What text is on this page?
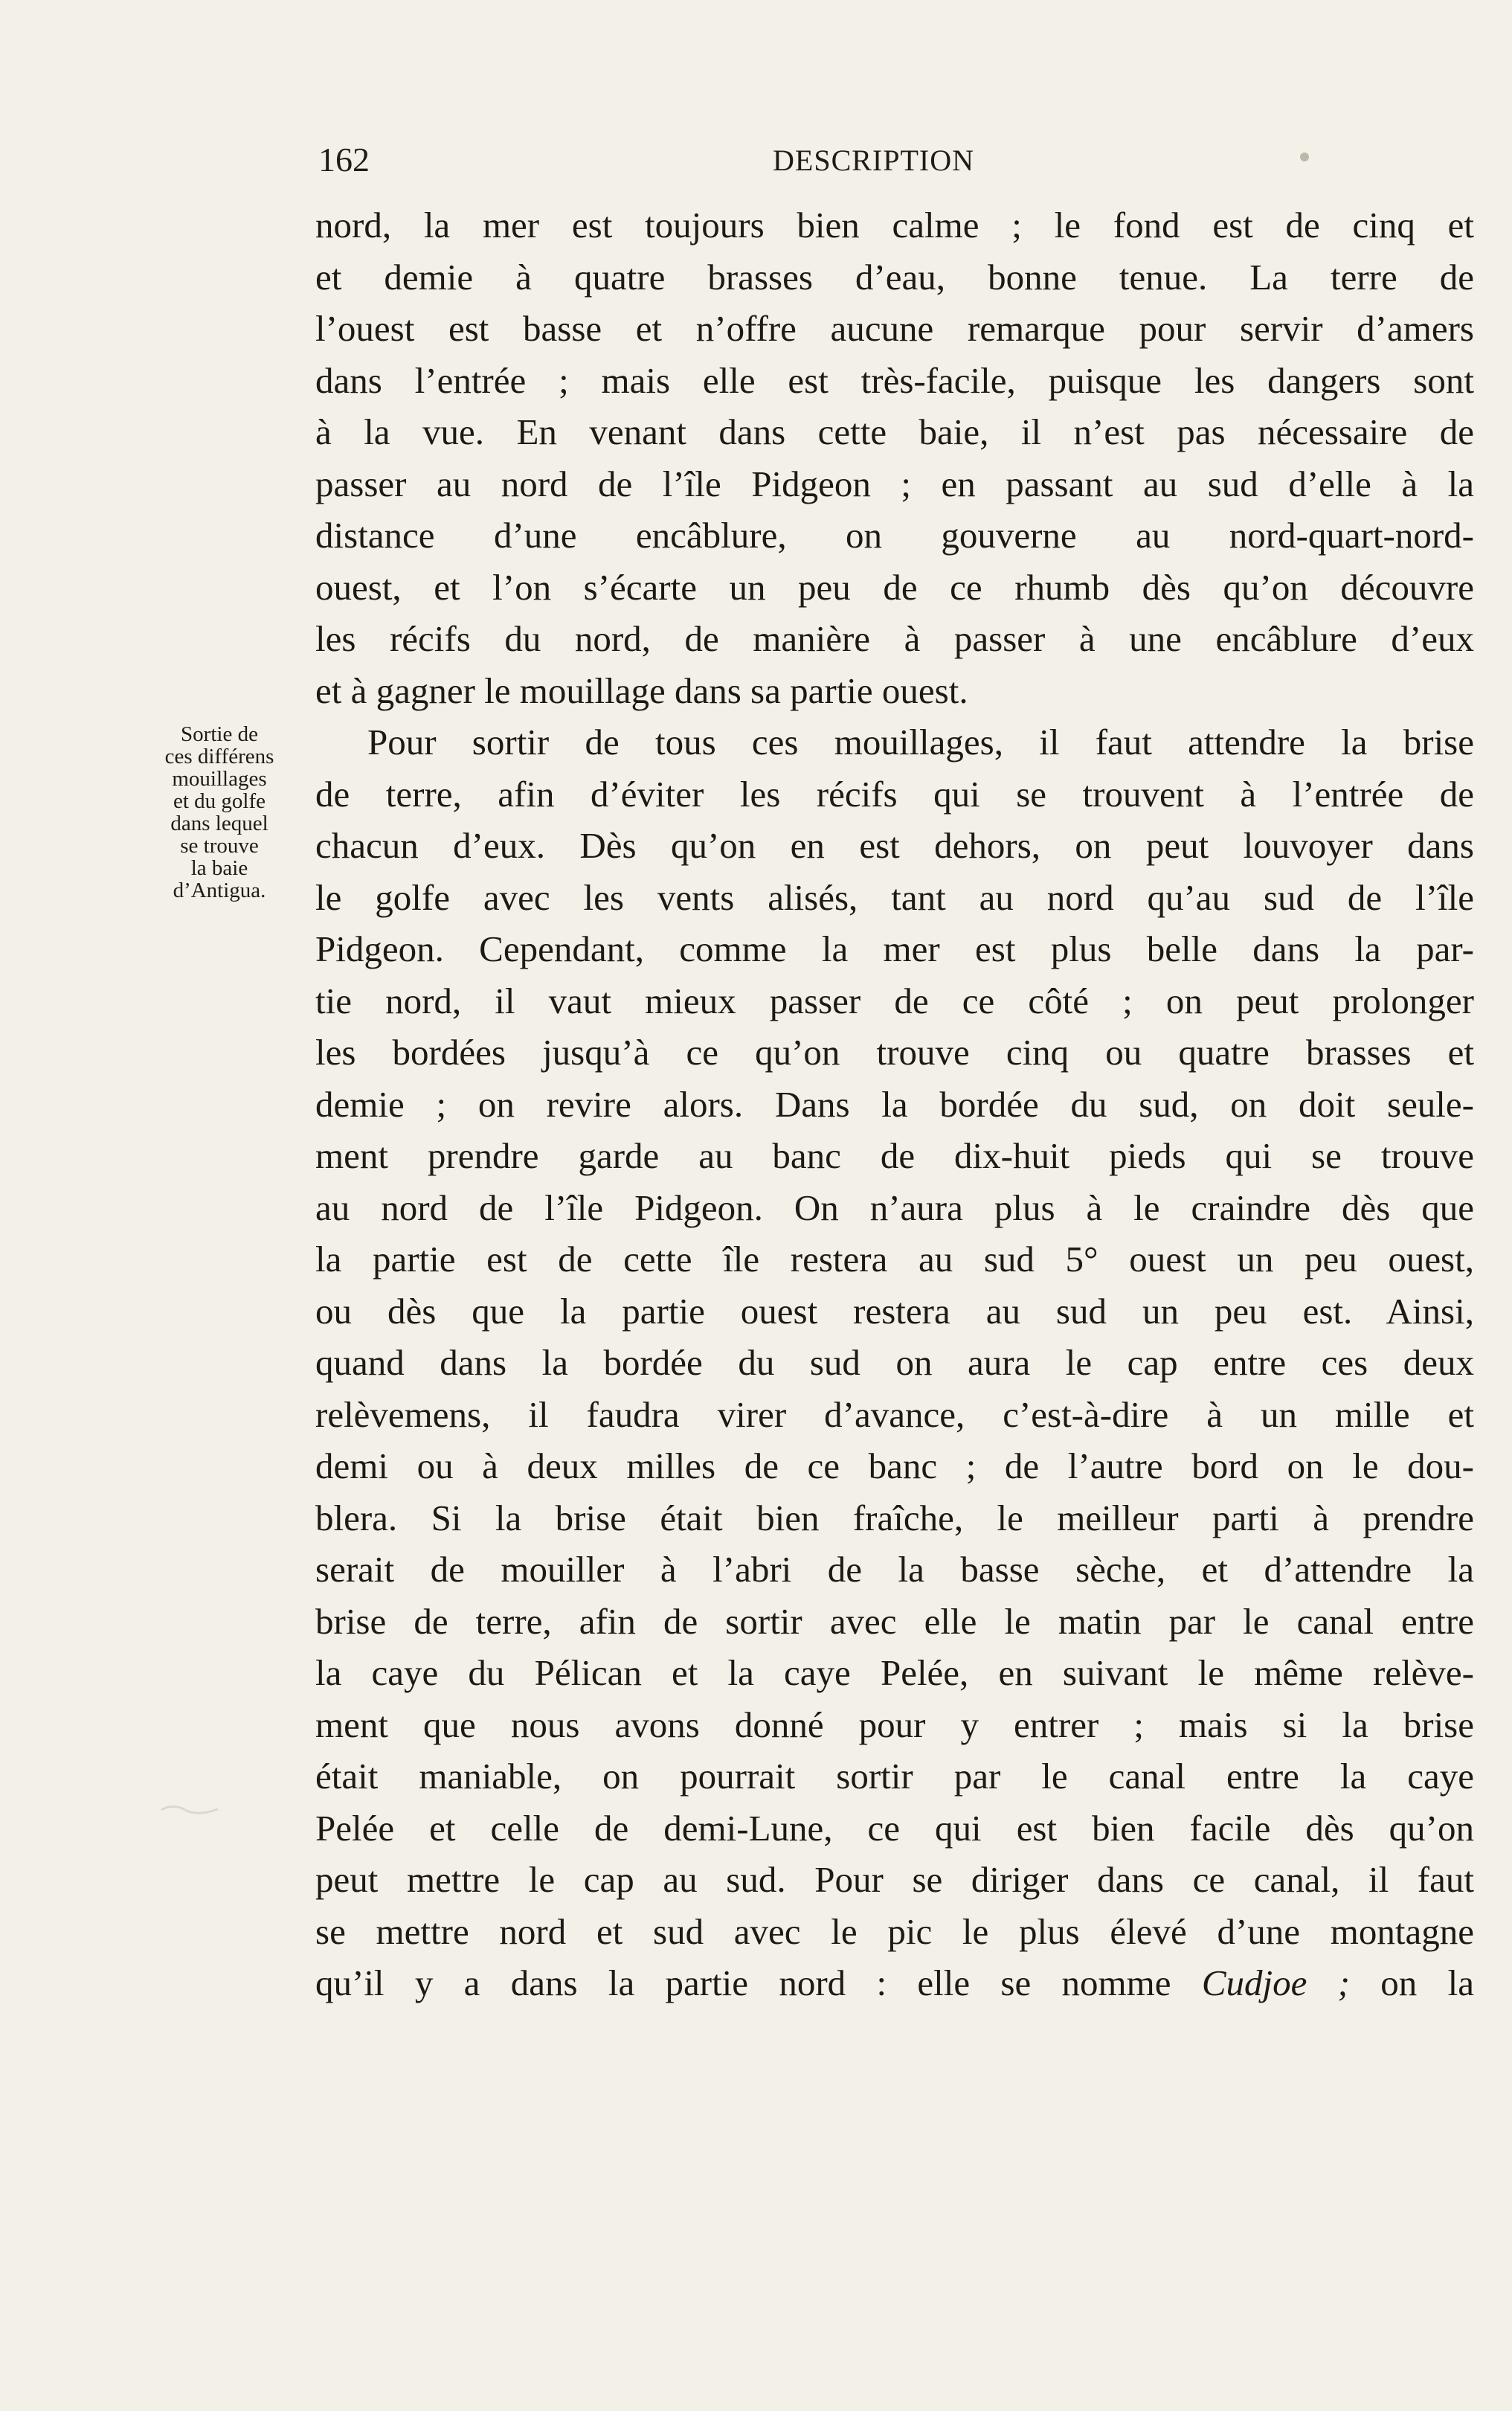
162	DESCRIPTION
Sortie de
ces différens
mouillages
et du golfe
dans lequel
se trouve
la baie
d’Antigua.
nord, la mer est toujours bien calme ; le fond est de cinq et
et demie à quatre brasses d’eau, bonne tenue. La terre de
l’ouest est basse et n’offre aucune remarque pour servir d’amers
dans l’entrée ; mais elle est très-facile, puisque les dangers sont
à la vue. En venant dans cette baie, il n’est pas nécessaire de
passer au nord de l’île Pidgeon ; en passant au sud d’elle à la
distance d’une encâblure, on gouverne au nord-quart-nord-
ouest, et l’on s’écarte un peu de ce rhumb dès qu’on découvre
les récifs du nord, de manière à passer à une encâblure d’eux
et à gagner le mouillage dans sa partie ouest.
Pour sortir de tous ces mouillages, il faut attendre la brise
de terre, afin d’éviter les récifs qui se trouvent à l’entrée de
chacun d’eux. Dès qu’on en est dehors, on peut louvoyer dans
le golfe avec les vents alisés, tant au nord qu’au sud de l’île
Pidgeon. Cependant, comme la mer est plus belle dans la par-
tie nord, il vaut mieux passer de ce côté ; on peut prolonger
les bordées jusqu’à ce qu’on trouve cinq ou quatre brasses et
demie ; on revire alors. Dans la bordée du sud, on doit seule-
ment prendre garde au banc de dix-huit pieds qui se trouve
au nord de l’île Pidgeon. On n’aura plus à le craindre dès que
la partie est de cette île restera au sud 5° ouest un peu ouest,
ou dès que la partie ouest restera au sud un peu est. Ainsi,
quand dans la bordée du sud on aura le cap entre ces deux
relèvemens, il faudra virer d’avance, c’est-à-dire à un mille et
demi ou à deux milles de ce banc ; de l’autre bord on le dou-
blera. Si la brise était bien fraîche, le meilleur parti à prendre
serait de mouiller à l’abri de la basse sèche, et d’attendre la
brise de terre, afin de sortir avec elle le matin par le canal entre
la caye du Pélican et la caye Pelée, en suivant le même relève-
ment que nous avons donné pour y entrer ; mais si la brise
était maniable, on pourrait sortir par le canal entre la caye
Pelée et celle de demi-Lune, ce qui est bien facile dès qu’on
peut mettre le cap au sud. Pour se diriger dans ce canal, il faut
se mettre nord et sud avec le pic le plus élevé d’une montagne
qu’il y a dans la partie nord : elle se nomme Cudjoe ; on la
